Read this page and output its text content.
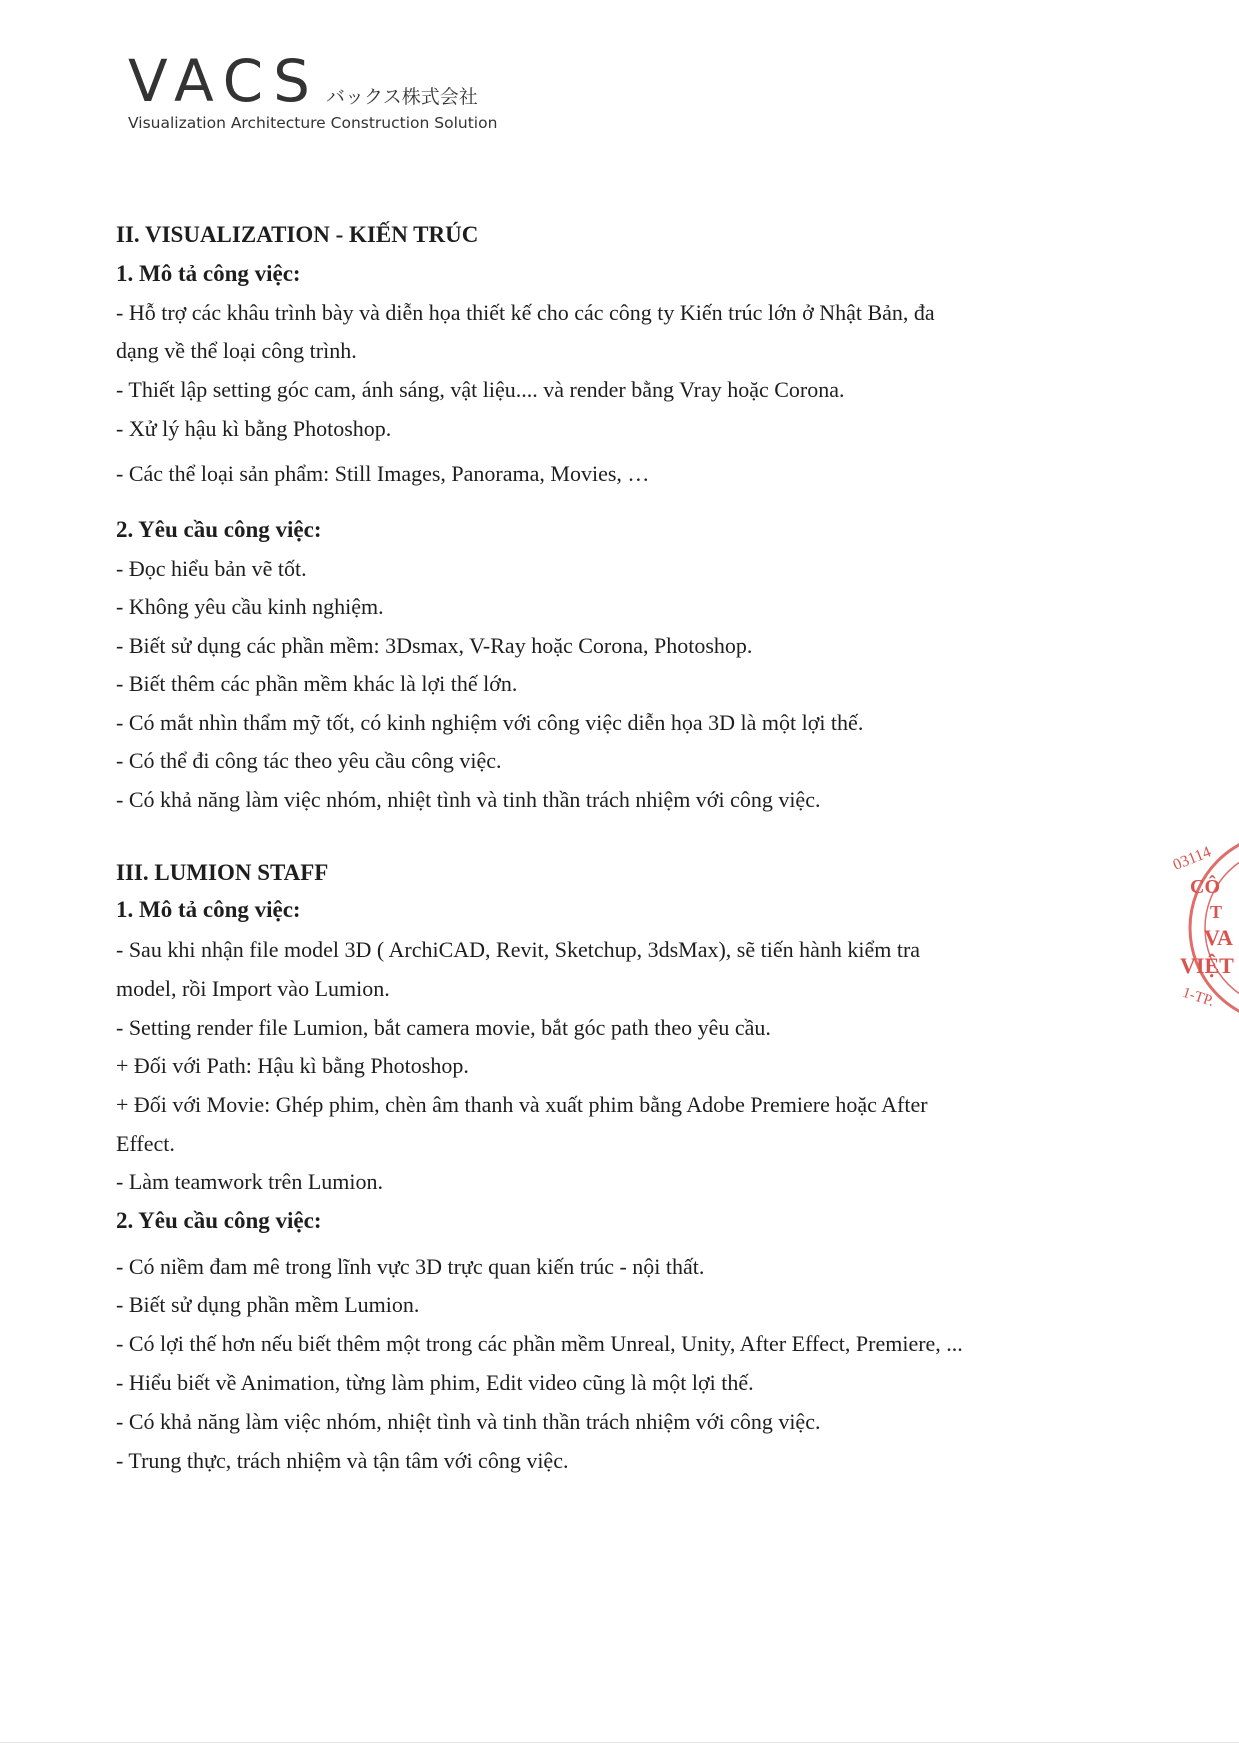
VACS バックス株式会社
Visualization Architecture Construction Solution
II. VISUALIZATION - KIẾN TRÚC
1. Mô tả công việc:
- Hỗ trợ các khâu trình bày và diễn họa thiết kế cho các công ty Kiến trúc lớn ở Nhật Bản, đa
dạng về thể loại công trình.
- Thiết lập setting góc cam, ánh sáng, vật liệu.... và render bằng Vray hoặc Corona.
- Xử lý hậu kì bằng Photoshop.
- Các thể loại sản phẩm: Still Images, Panorama, Movies, …
2. Yêu cầu công việc:
- Đọc hiểu bản vẽ tốt.
- Không yêu cầu kinh nghiệm.
- Biết sử dụng các phần mềm: 3Dsmax, V-Ray hoặc Corona, Photoshop.
- Biết thêm các phần mềm khác là lợi thế lớn.
- Có mắt nhìn thẩm mỹ tốt, có kinh nghiệm với công việc diễn họa 3D là một lợi thế.
- Có thể đi công tác theo yêu cầu công việc.
- Có khả năng làm việc nhóm, nhiệt tình và tinh thần trách nhiệm với công việc.
III. LUMION STAFF
1. Mô tả công việc:
- Sau khi nhận file model 3D ( ArchiCAD, Revit, Sketchup, 3dsMax), sẽ tiến hành kiểm tra
model, rồi Import vào Lumion.
- Setting render file Lumion, bắt camera movie, bắt góc path theo yêu cầu.
+ Đối với Path: Hậu kì bằng Photoshop.
+ Đối với Movie: Ghép phim, chèn âm thanh và xuất phim bằng Adobe Premiere hoặc After
Effect.
- Làm teamwork trên Lumion.
2. Yêu cầu công việc:
- Có niềm đam mê trong lĩnh vực 3D trực quan kiến trúc - nội thất.
- Biết sử dụng phần mềm Lumion.
- Có lợi thế hơn nếu biết thêm một trong các phần mềm Unreal, Unity, After Effect, Premiere, ...
- Hiểu biết về Animation, từng làm phim, Edit video cũng là một lợi thế.
- Có khả năng làm việc nhóm, nhiệt tình và tinh thần trách nhiệm với công việc.
- Trung thực, trách nhiệm và tận tâm với công việc.
03114
CÔ
T
VA
VIỆT
1-TP.
